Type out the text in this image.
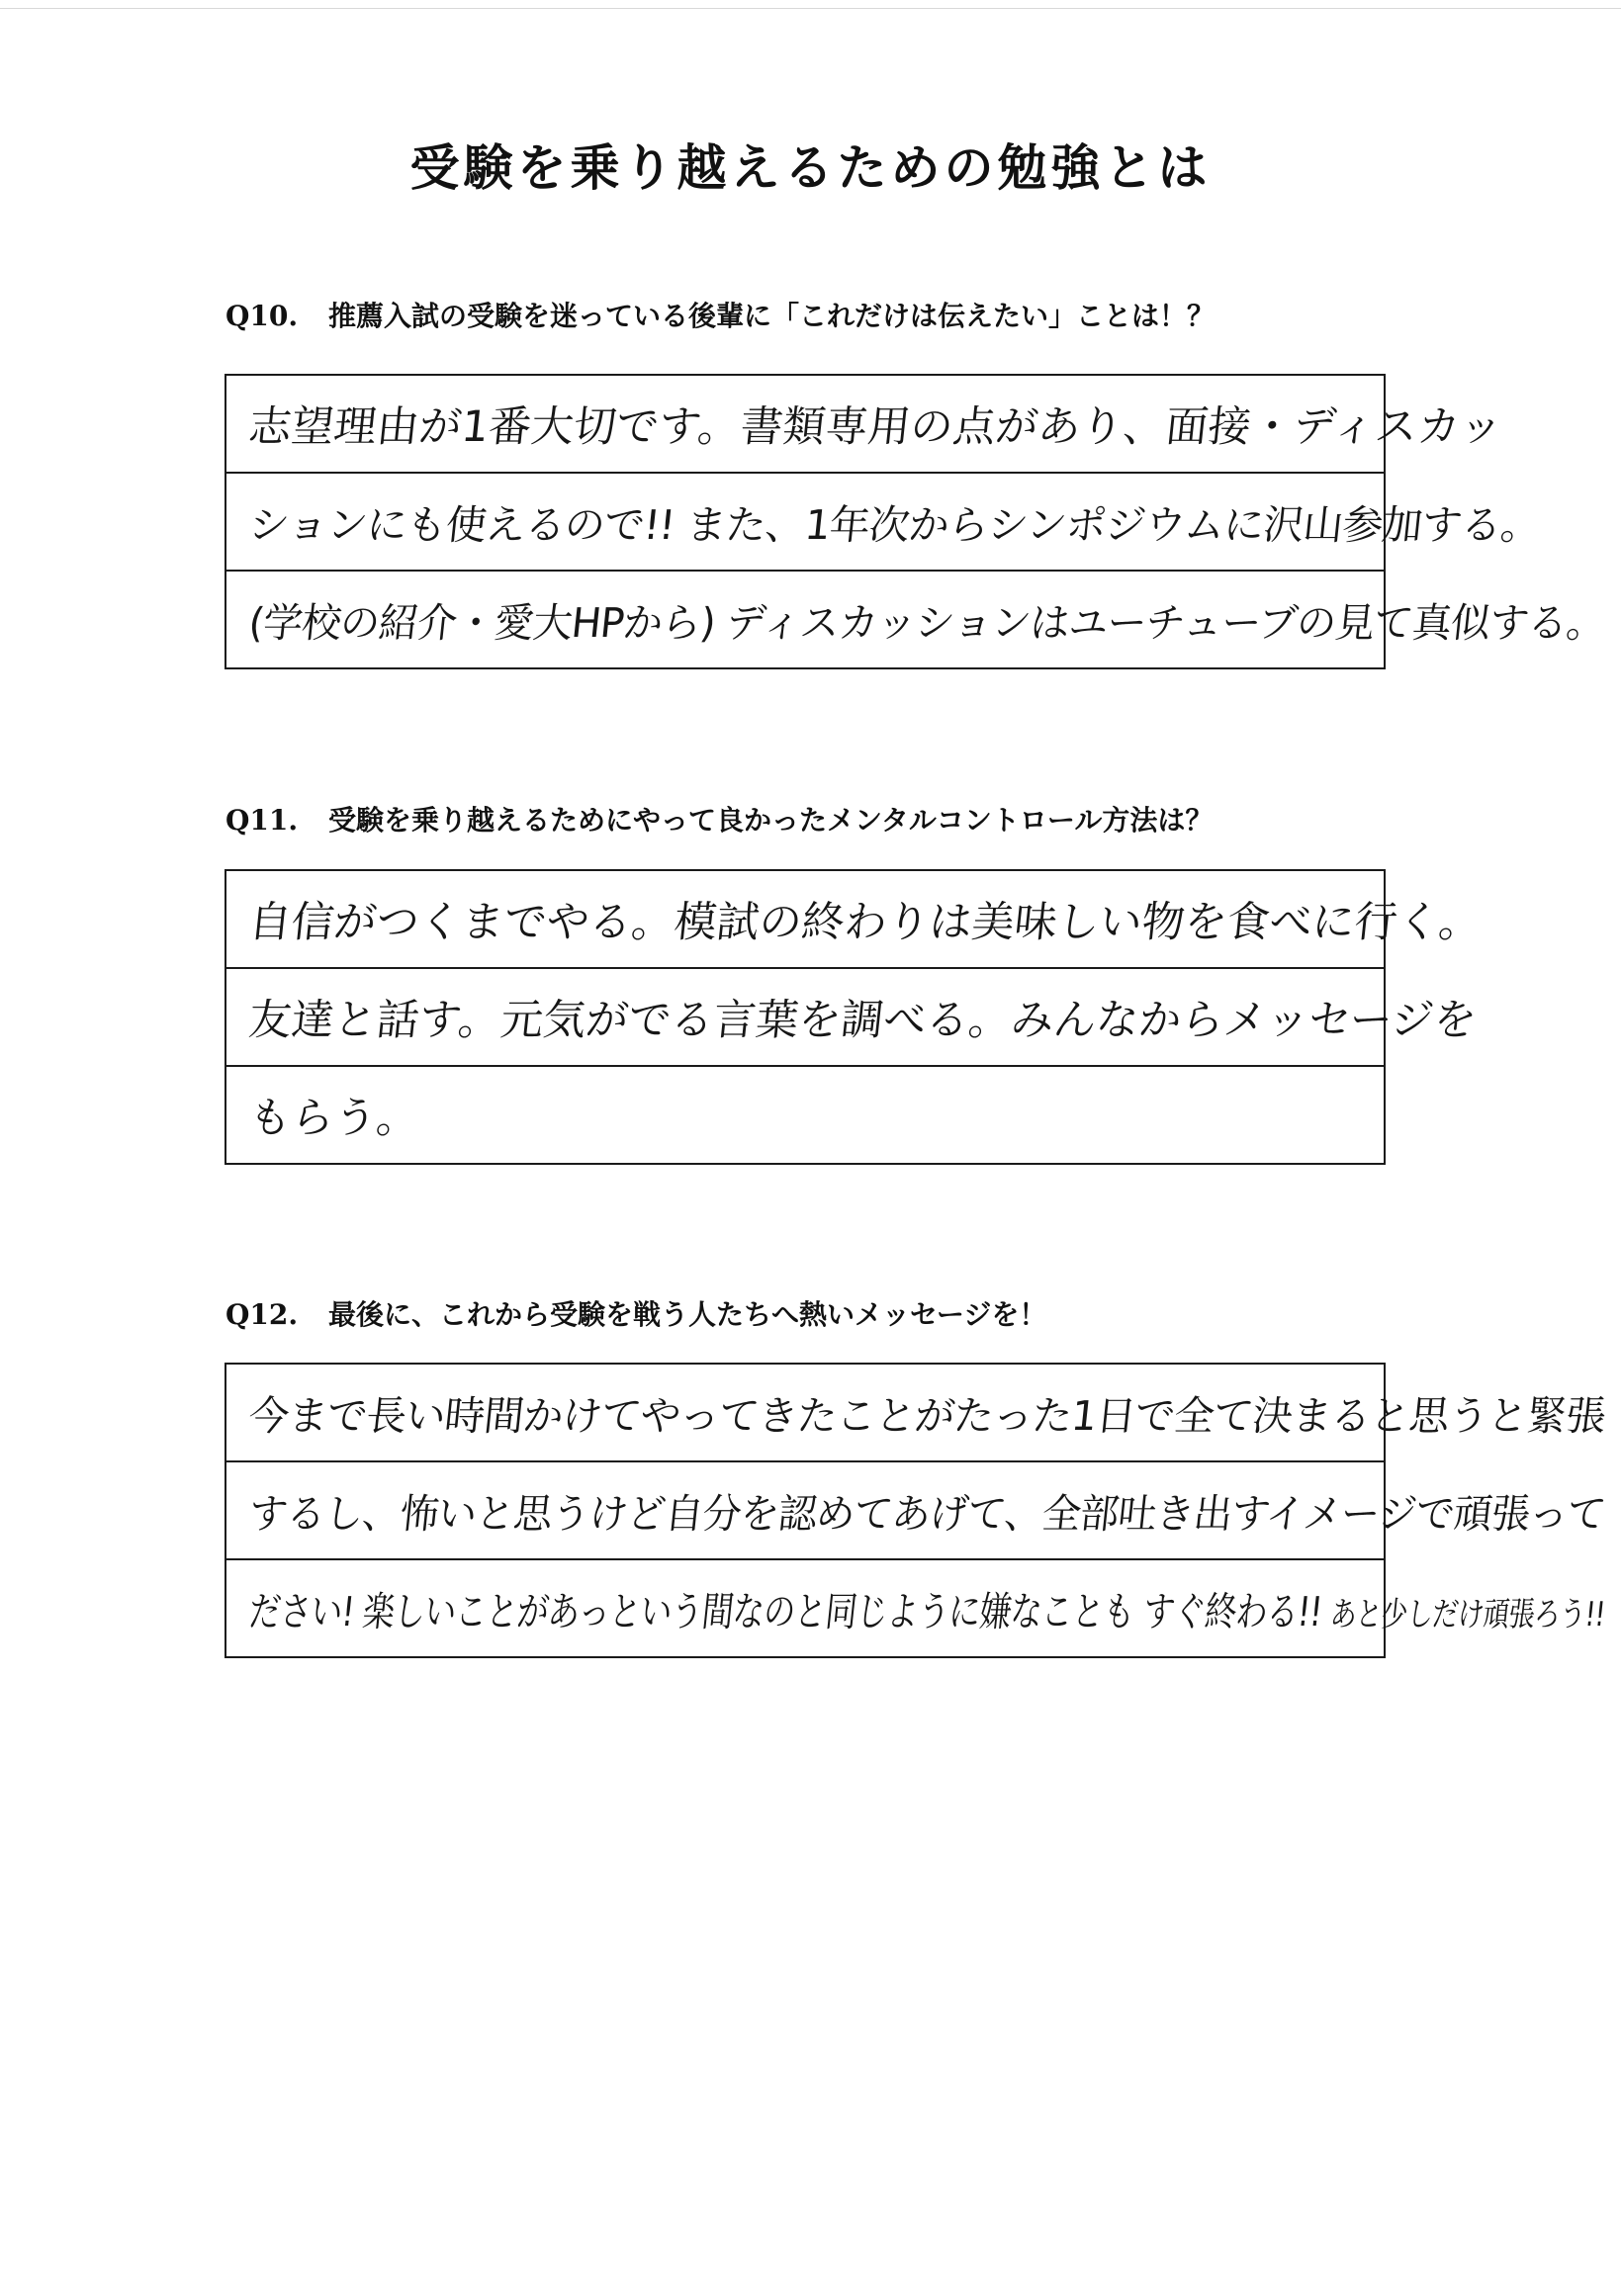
受験を乗り越えるための勉強とは
Q10. 推薦入試の受験を迷っている後輩に「これだけは伝えたい」ことは！？
志望理由が1番大切です。書類専用の点があり、面接・ディスカッ
ションにも使えるので!! また、1年次からシンポジウムに沢山参加する。
(学校の紹介・愛大HPから) ディスカッションはユーチューブの見て真似する。
Q11. 受験を乗り越えるためにやって良かったメンタルコントロール方法は？
自信がつくまでやる。模試の終わりは美味しい物を食べに行く。
友達と話す。元気がでる言葉を調べる。みんなからメッセージを
もらう。
Q12. 最後に、これから受験を戦う人たちへ熱いメッセージを！
今まで長い時間かけてやってきたことがたった1日で全て決まると思うと緊張
するし、怖いと思うけど自分を認めてあげて、全部吐き出すイメージで頑張って
ださい! 楽しいことがあっという間なのと同じように嫌なことも すぐ終わる!! あと少しだけ頑張ろう!!
